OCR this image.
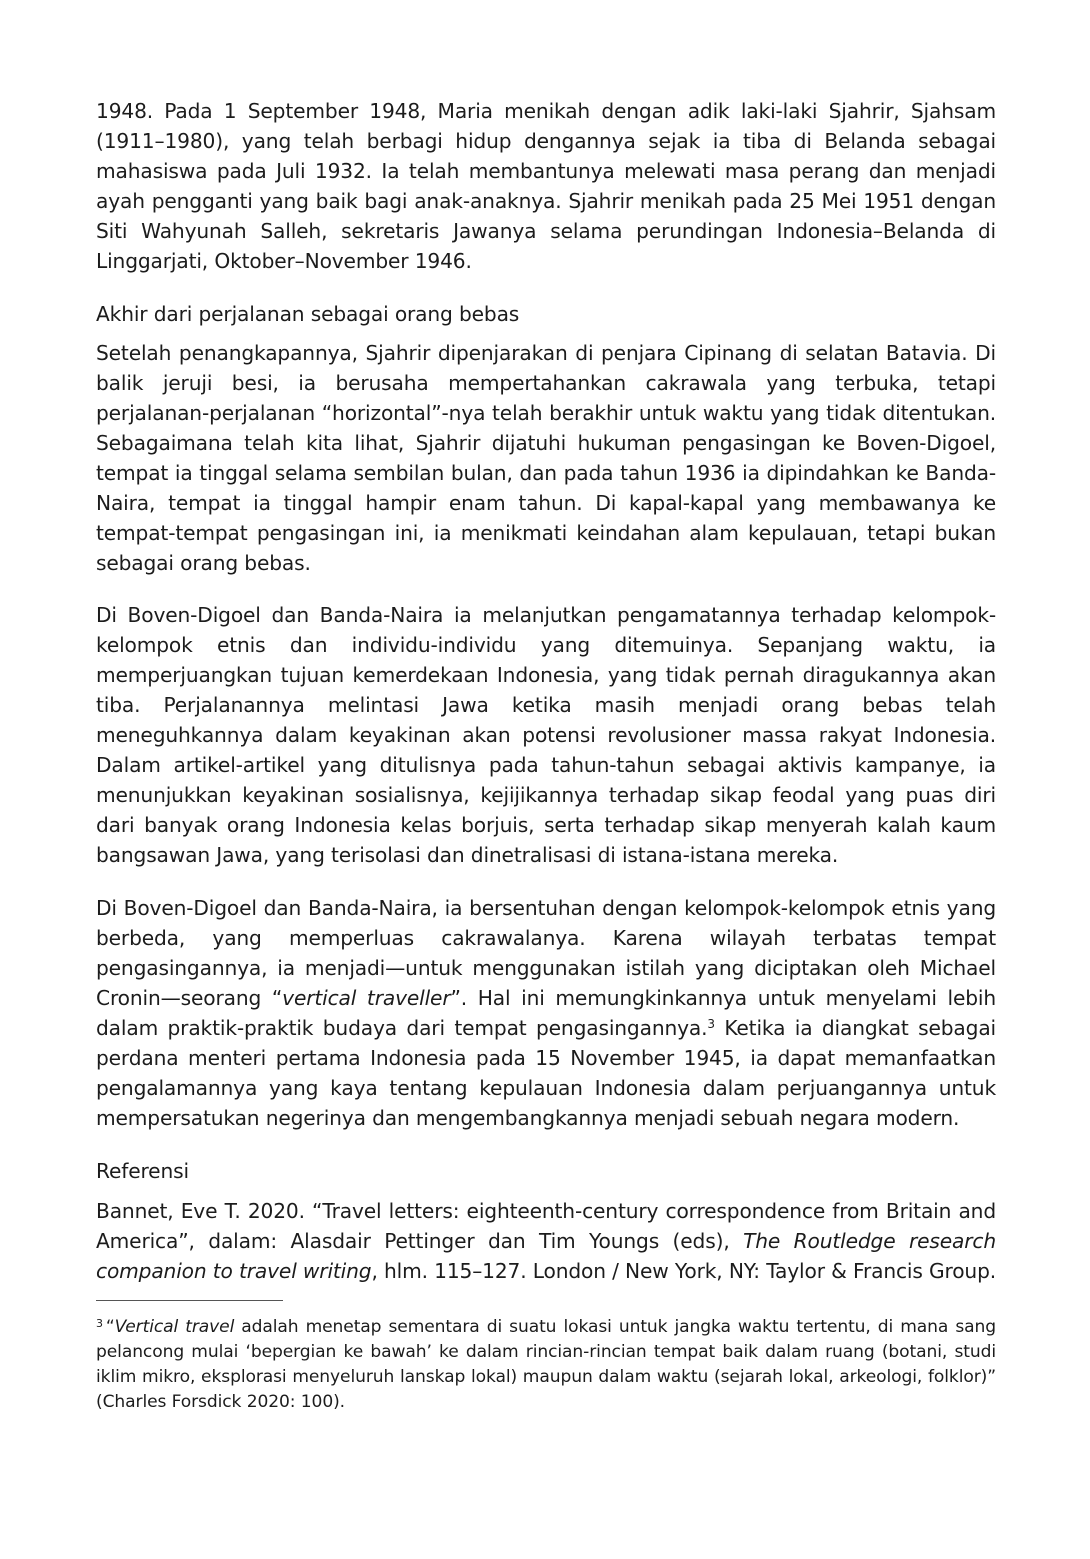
1948. Pada 1 September 1948, Maria menikah dengan adik laki-laki Sjahrir, Sjahsam (1911–1980), yang telah berbagi hidup dengannya sejak ia tiba di Belanda sebagai mahasiswa pada Juli 1932. Ia telah membantunya melewati masa perang dan menjadi ayah pengganti yang baik bagi anak-anaknya. Sjahrir menikah pada 25 Mei 1951 dengan Siti Wahyunah Salleh, sekretaris Jawanya selama perundingan Indonesia–Belanda di Linggarjati, Oktober–November 1946.

Akhir dari perjalanan sebagai orang bebas

Setelah penangkapannya, Sjahrir dipenjarakan di penjara Cipinang di selatan Batavia. Di balik jeruji besi, ia berusaha mempertahankan cakrawala yang terbuka, tetapi perjalanan-perjalanan “horizontal”-nya telah berakhir untuk waktu yang tidak ditentukan. Sebagaimana telah kita lihat, Sjahrir dijatuhi hukuman pengasingan ke Boven-Digoel, tempat ia tinggal selama sembilan bulan, dan pada tahun 1936 ia dipindahkan ke Banda-Naira, tempat ia tinggal hampir enam tahun. Di kapal-kapal yang membawanya ke tempat-tempat pengasingan ini, ia menikmati keindahan alam kepulauan, tetapi bukan sebagai orang bebas.

Di Boven-Digoel dan Banda-Naira ia melanjutkan pengamatannya terhadap kelompok-kelompok etnis dan individu-individu yang ditemuinya. Sepanjang waktu, ia memperjuangkan tujuan kemerdekaan Indonesia, yang tidak pernah diragukannya akan tiba. Perjalanannya melintasi Jawa ketika masih menjadi orang bebas telah meneguhkannya dalam keyakinan akan potensi revolusioner massa rakyat Indonesia. Dalam artikel-artikel yang ditulisnya pada tahun-tahun sebagai aktivis kampanye, ia menunjukkan keyakinan sosialisnya, kejijikannya terhadap sikap feodal yang puas diri dari banyak orang Indonesia kelas borjuis, serta terhadap sikap menyerah kalah kaum bangsawan Jawa, yang terisolasi dan dinetralisasi di istana-istana mereka.

Di Boven-Digoel dan Banda-Naira, ia bersentuhan dengan kelompok-kelompok etnis yang berbeda, yang memperluas cakrawalanya. Karena wilayah terbatas tempat pengasingannya, ia menjadi—untuk menggunakan istilah yang diciptakan oleh Michael Cronin—seorang “vertical traveller”. Hal ini memungkinkannya untuk menyelami lebih dalam praktik-praktik budaya dari tempat pengasingannya.$^3$ Ketika ia diangkat sebagai perdana menteri pertama Indonesia pada 15 November 1945, ia dapat memanfaatkan pengalamannya yang kaya tentang kepulauan Indonesia dalam perjuangannya untuk mempersatukan negerinya dan mengembangkannya menjadi sebuah negara modern.

Referensi

Bannet, Eve T. 2020. “Travel letters: eighteenth-century correspondence from Britain and America”, dalam: Alasdair Pettinger dan Tim Youngs (eds), The Routledge research companion to travel writing, hlm. 115–127. London / New York, NY: Taylor & Francis Group.

$^3$ “Vertical travel adalah menetap sementara di suatu lokasi untuk jangka waktu tertentu, di mana sang pelancong mulai ‘bepergian ke bawah’ ke dalam rincian-rincian tempat baik dalam ruang (botani, studi iklim mikro, eksplorasi menyeluruh lanskap lokal) maupun dalam waktu (sejarah lokal, arkeologi, folklor)” (Charles Forsdick 2020: 100).
